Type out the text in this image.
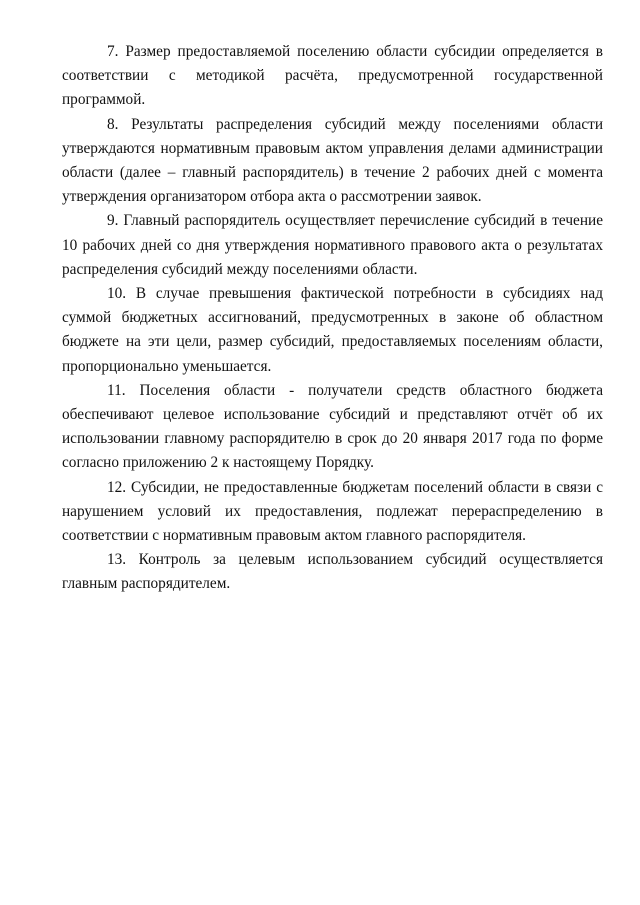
7. Размер предоставляемой поселению области субсидии определяется в соответствии с методикой расчёта, предусмотренной государственной программой.

8. Результаты распределения субсидий между поселениями области утверждаются нормативным правовым актом управления делами администрации области (далее – главный распорядитель) в течение 2 рабочих дней с момента утверждения организатором отбора акта о рассмотрении заявок.

9. Главный распорядитель осуществляет перечисление субсидий в течение 10 рабочих дней со дня утверждения нормативного правового акта о результатах распределения субсидий между поселениями области.

10. В случае превышения фактической потребности в субсидиях над суммой бюджетных ассигнований, предусмотренных в законе об областном бюджете на эти цели, размер субсидий, предоставляемых поселениям области, пропорционально уменьшается.

11. Поселения области - получатели средств областного бюджета обеспечивают целевое использование субсидий и представляют отчёт об их использовании главному распорядителю в срок до 20 января 2017 года по форме согласно приложению 2 к настоящему Порядку.

12. Субсидии, не предоставленные бюджетам поселений области в связи с нарушением условий их предоставления, подлежат перераспределению в соответствии с нормативным правовым актом главного распорядителя.

13. Контроль за целевым использованием субсидий осуществляется главным распорядителем.
